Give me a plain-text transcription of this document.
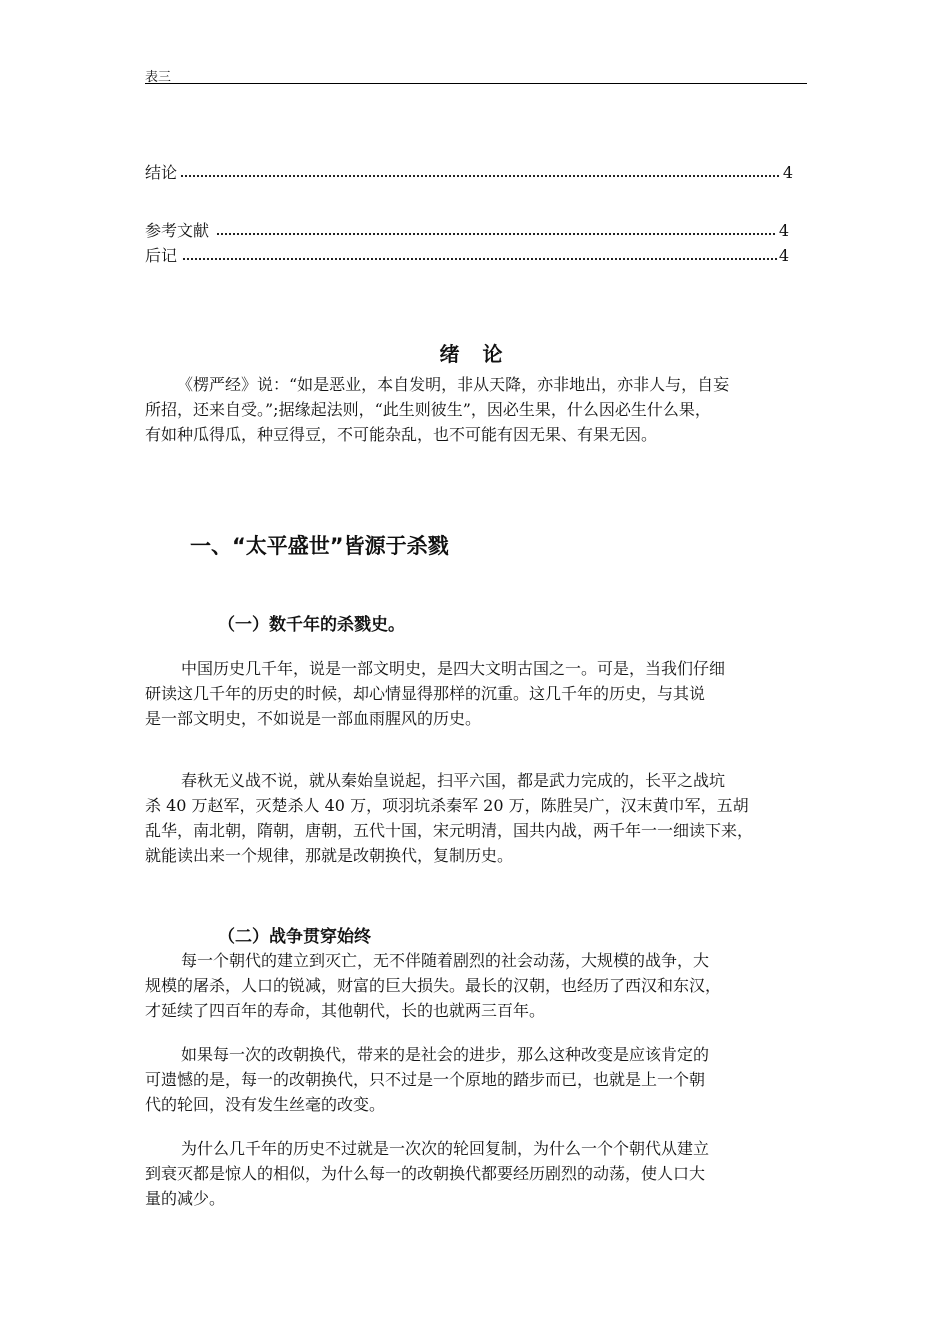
表三
结论	4
参考文献	4
后记	4
绪 论
《楞严经》说：“如是恶业，本自发明，非从天降，亦非地出，亦非人与，自妄
所招，还来自受。”;据缘起法则，“此生则彼生”，因必生果，什么因必生什么果，
有如种瓜得瓜，种豆得豆，不可能杂乱，也不可能有因无果、有果无因。
一、“太平盛世”皆源于杀戮
（一）数千年的杀戮史。
中国历史几千年，说是一部文明史，是四大文明古国之一。可是，当我们仔细
研读这几千年的历史的时候，却心情显得那样的沉重。这几千年的历史，与其说
是一部文明史，不如说是一部血雨腥风的历史。
春秋无义战不说，就从秦始皇说起，扫平六国，都是武力完成的，长平之战坑
杀 40 万赵军，灭楚杀人 40 万，项羽坑杀秦军 20 万，陈胜吴广，汉末黄巾军，五胡
乱华，南北朝，隋朝，唐朝，五代十国，宋元明清，国共内战，两千年一一细读下来，
就能读出来一个规律，那就是改朝换代，复制历史。
（二）战争贯穿始终
每一个朝代的建立到灭亡，无不伴随着剧烈的社会动荡，大规模的战争，大
规模的屠杀，人口的锐减，财富的巨大损失。最长的汉朝，也经历了西汉和东汉，
才延续了四百年的寿命，其他朝代，长的也就两三百年。
如果每一次的改朝换代，带来的是社会的进步，那么这种改变是应该肯定的
可遗憾的是，每一的改朝换代，只不过是一个原地的踏步而已，也就是上一个朝
代的轮回，没有发生丝毫的改变。
为什么几千年的历史不过就是一次次的轮回复制，为什么一个个朝代从建立
到衰灭都是惊人的相似，为什么每一的改朝换代都要经历剧烈的动荡，使人口大
量的减少。
